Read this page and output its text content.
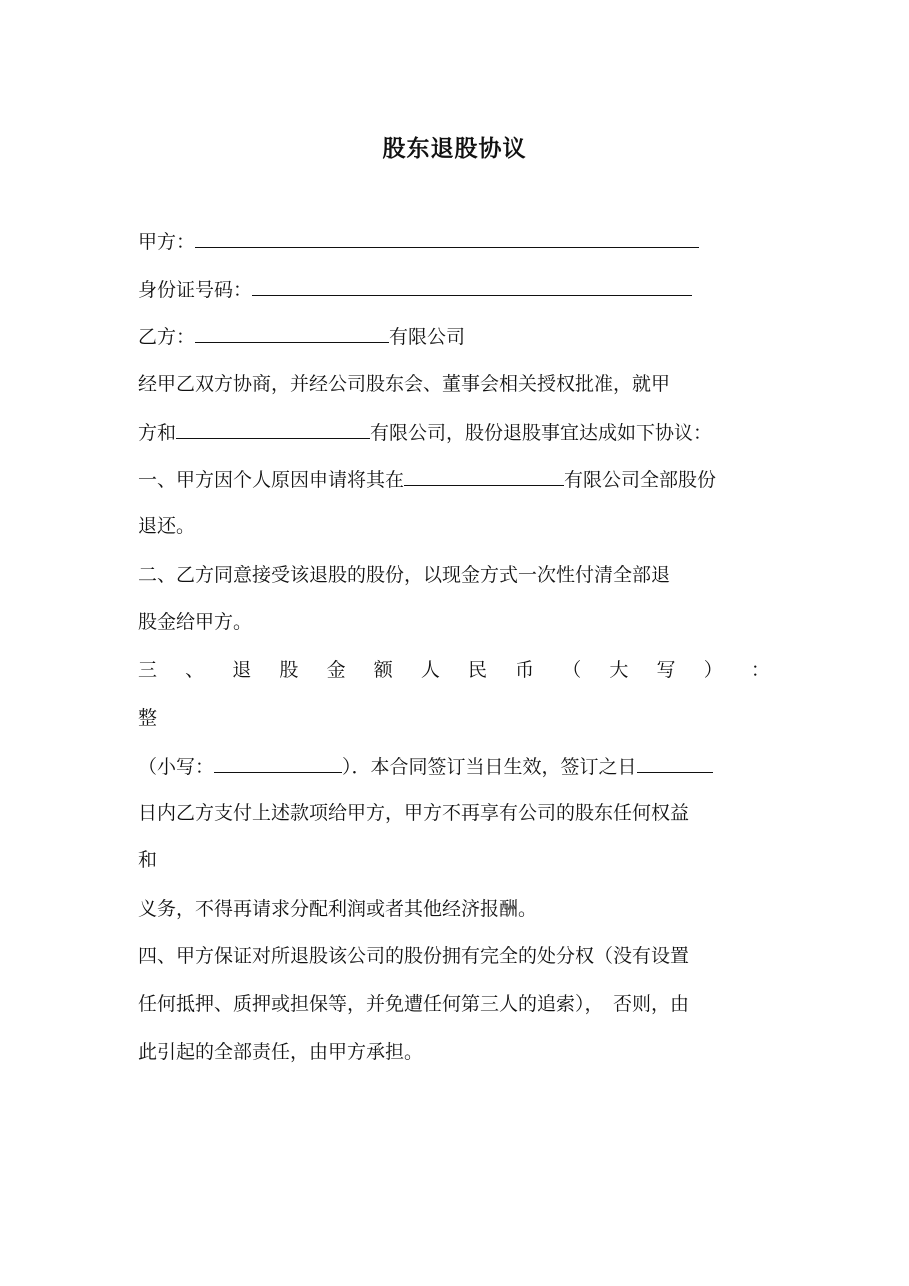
股东退股协议

甲方：

身份证号码：

乙方：	有限公司

经甲乙双方协商，并经公司股东会、董事会相关授权批准，就甲

方和	有限公司，股份退股事宜达成如下协议：

一、甲方因个人原因申请将其在	有限公司全部股份

退还。

二、乙方同意接受该退股的股份，以现金方式一次性付清全部退

股金给甲方。

三 、 退 股 金 额 人 民 币 （ 大 写 ） ：

整

（小写：	）．本合同签订当日生效，签订之日

日内乙方支付上述款项给甲方，甲方不再享有公司的股东任何权益

和

义务，不得再请求分配利润或者其他经济报酬。

四、甲方保证对所退股该公司的股份拥有完全的处分权（没有设置

任何抵押、质押或担保等，并免遭任何第三人的追索），　否则，由

此引起的全部责任，由甲方承担。
